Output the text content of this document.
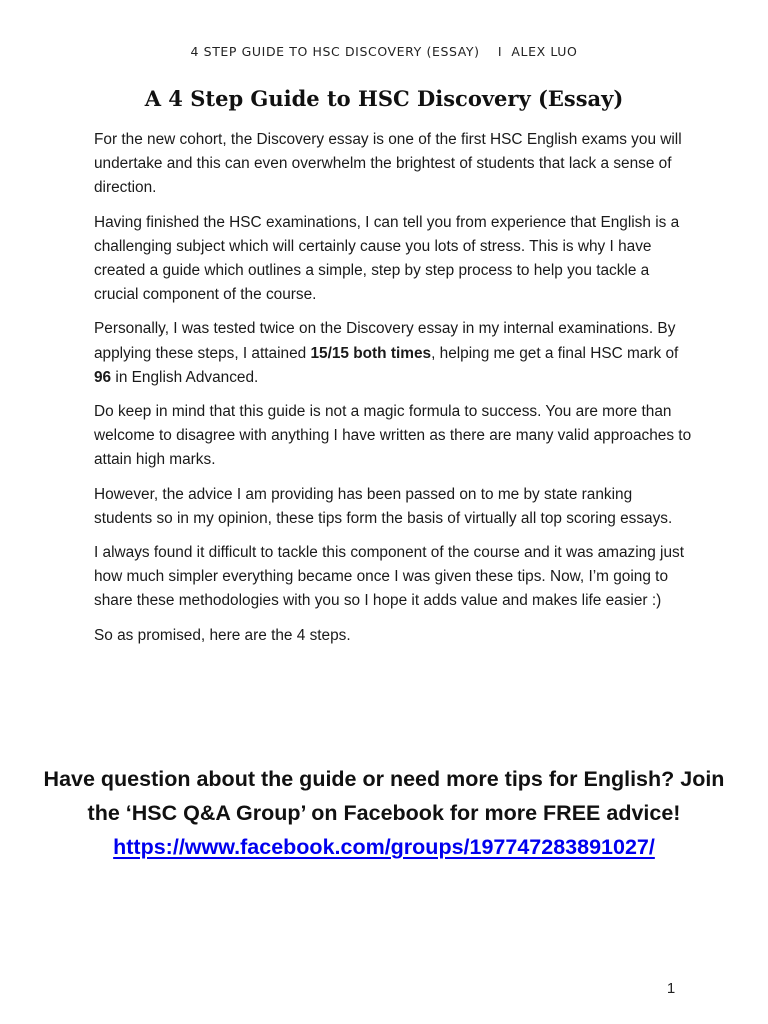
4 STEP GUIDE TO HSC DISCOVERY (ESSAY)    I  ALEX LUO
A 4 Step Guide to HSC Discovery (Essay)

For the new cohort, the Discovery essay is one of the first HSC English exams you will undertake and this can even overwhelm the brightest of students that lack a sense of direction.

Having finished the HSC examinations, I can tell you from experience that English is a challenging subject which will certainly cause you lots of stress. This is why I have created a guide which outlines a simple, step by step process to help you tackle a crucial component of the course.

Personally, I was tested twice on the Discovery essay in my internal examinations. By applying these steps, I attained 15/15 both times, helping me get a final HSC mark of 96 in English Advanced.

Do keep in mind that this guide is not a magic formula to success. You are more than welcome to disagree with anything I have written as there are many valid approaches to attain high marks.

However, the advice I am providing has been passed on to me by state ranking students so in my opinion, these tips form the basis of virtually all top scoring essays.

I always found it difficult to tackle this component of the course and it was amazing just how much simpler everything became once I was given these tips. Now, I’m going to share these methodologies with you so I hope it adds value and makes life easier :)

So as promised, here are the 4 steps.

Have question about the guide or need more tips for English? Join the ‘HSC Q&A Group’ on Facebook for more FREE advice!
https://www.facebook.com/groups/197747283891027/
1
